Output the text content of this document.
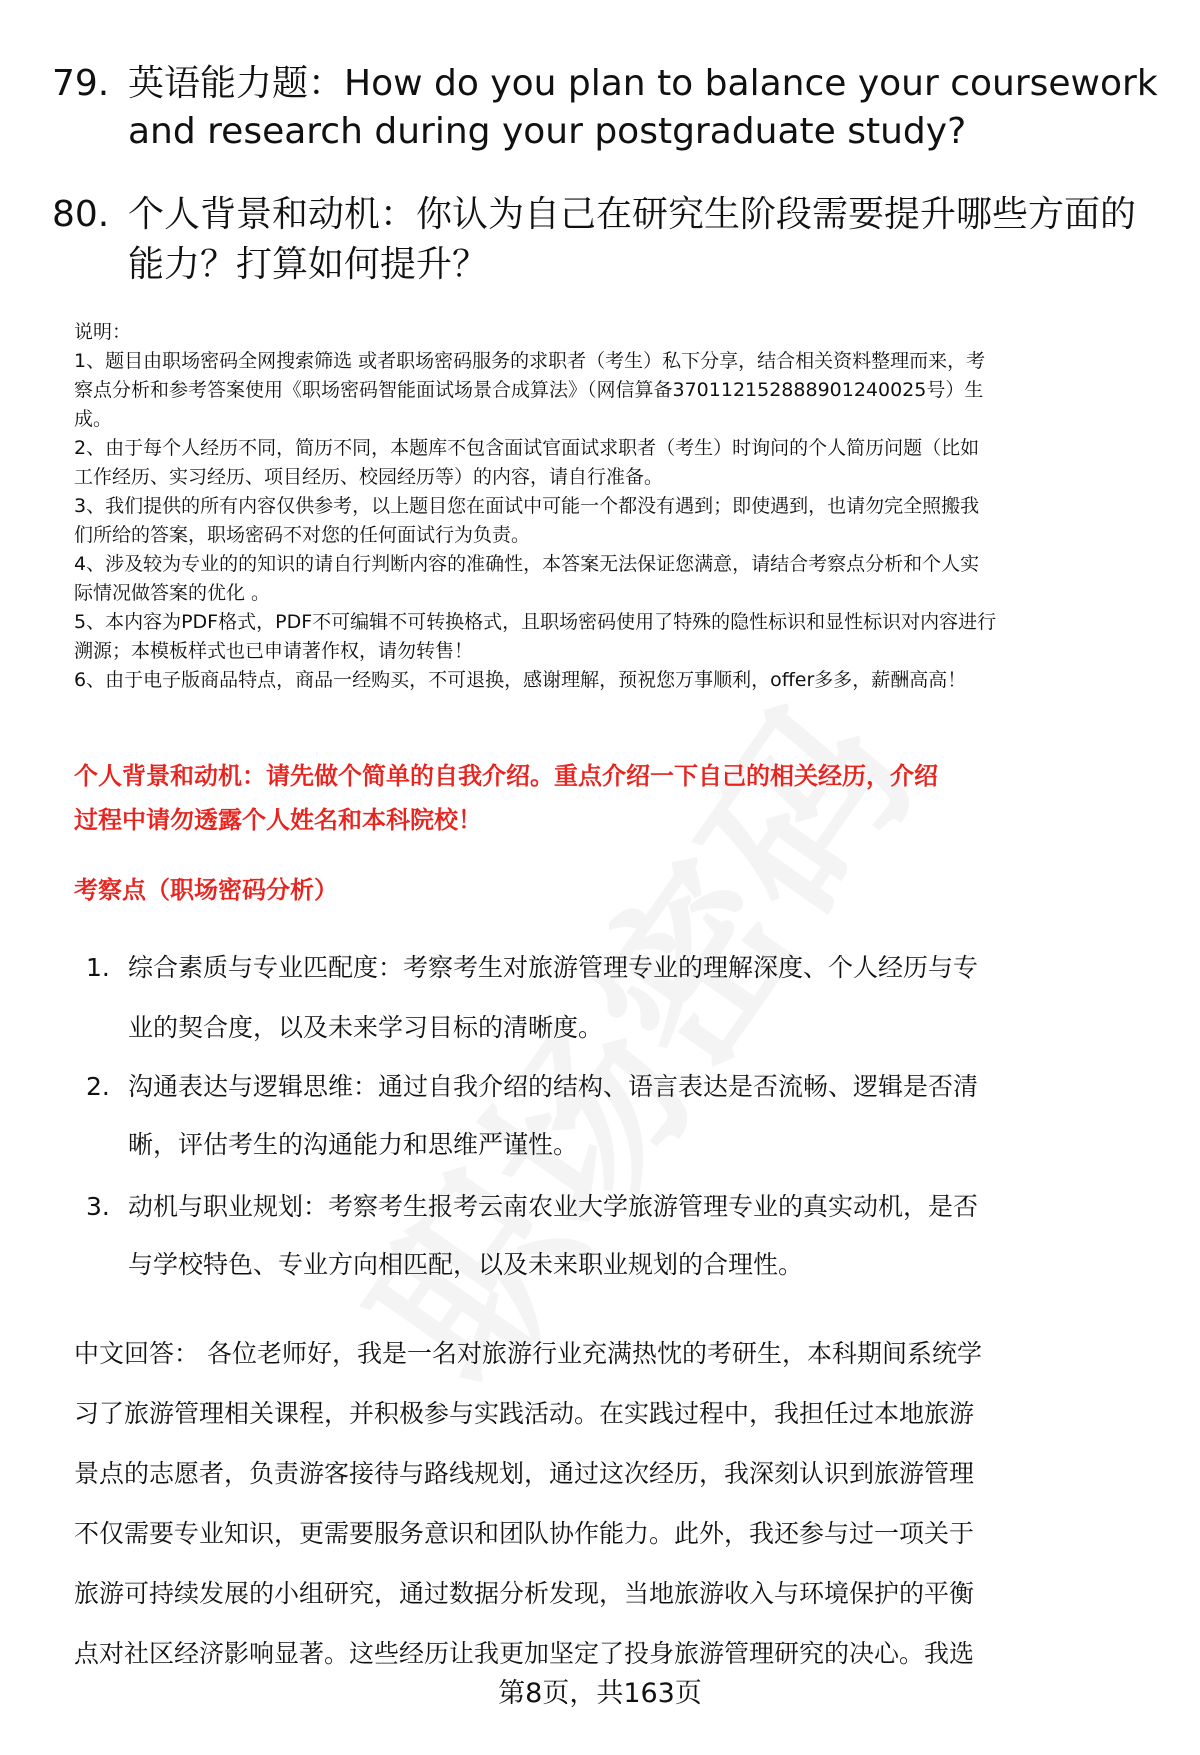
79. 英语能力题：How do you plan to balance your coursework
and research during your postgraduate study?
80. 个人背景和动机：你认为自己在研究生阶段需要提升哪些方面的
能力？打算如何提升？
说明：
1、题目由职场密码全网搜索筛选 或者职场密码服务的求职者（考生）私下分享，结合相关资料整理而来，考
察点分析和参考答案使用《职场密码智能面试场景合成算法》（网信算备370112152888901240025号）生
成。
2、由于每个人经历不同，简历不同，本题库不包含面试官面试求职者（考生）时询问的个人简历问题（比如
工作经历、实习经历、项目经历、校园经历等）的内容，请自行准备。
3、我们提供的所有内容仅供参考，以上题目您在面试中可能一个都没有遇到；即使遇到，也请勿完全照搬我
们所给的答案，职场密码不对您的任何面试行为负责。
4、涉及较为专业的的知识的请自行判断内容的准确性，本答案无法保证您满意，请结合考察点分析和个人实
际情况做答案的优化 。
5、本内容为PDF格式，PDF不可编辑不可转换格式，且职场密码使用了特殊的隐性标识和显性标识对内容进行
溯源；本模板样式也已申请著作权，请勿转售！
6、由于电子版商品特点，商品一经购买，不可退换，感谢理解，预祝您万事顺利，offer多多，薪酬高高！
个人背景和动机：请先做个简单的自我介绍。重点介绍一下自己的相关经历，介绍
过程中请勿透露个人姓名和本科院校！
考察点（职场密码分析）
1. 综合素质与专业匹配度：考察考生对旅游管理专业的理解深度、个人经历与专
业的契合度，以及未来学习目标的清晰度。
2. 沟通表达与逻辑思维：通过自我介绍的结构、语言表达是否流畅、逻辑是否清
晰，评估考生的沟通能力和思维严谨性。
3. 动机与职业规划：考察考生报考云南农业大学旅游管理专业的真实动机，是否
与学校特色、专业方向相匹配，以及未来职业规划的合理性。
中文回答： 各位老师好，我是一名对旅游行业充满热忱的考研生，本科期间系统学
习了旅游管理相关课程，并积极参与实践活动。在实践过程中，我担任过本地旅游
景点的志愿者，负责游客接待与路线规划，通过这次经历，我深刻认识到旅游管理
不仅需要专业知识，更需要服务意识和团队协作能力。此外，我还参与过一项关于
旅游可持续发展的小组研究，通过数据分析发现，当地旅游收入与环境保护的平衡
点对社区经济影响显著。这些经历让我更加坚定了投身旅游管理研究的决心。我选
第8页，共163页
